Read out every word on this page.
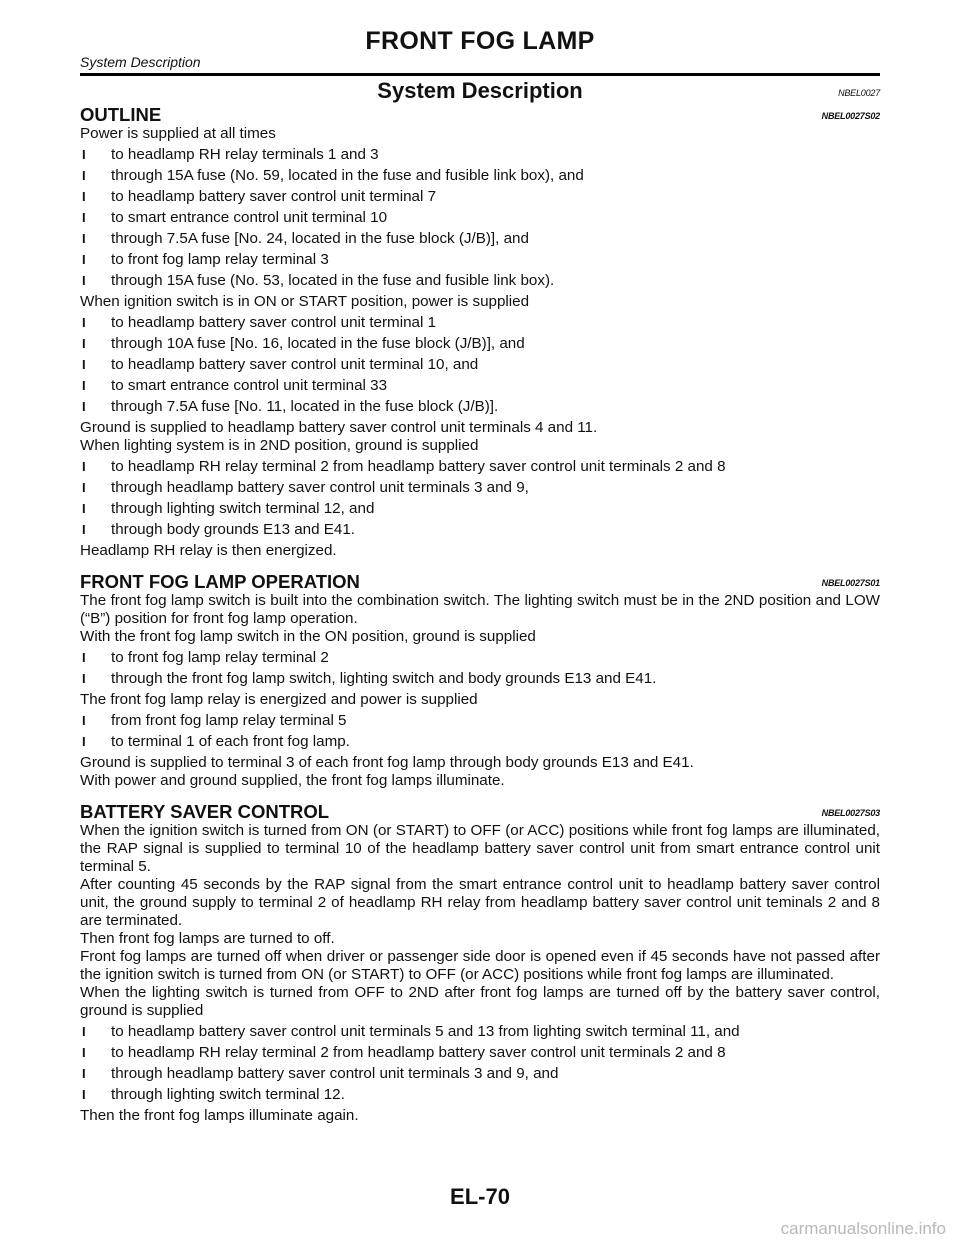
FRONT FOG LAMP
System Description
System Description	NBEL0027
OUTLINE	NBEL0027S02

Power is supplied at all times

I to headlamp RH relay terminals 1 and 3
I through 15A fuse (No. 59, located in the fuse and fusible link box), and
I to headlamp battery saver control unit terminal 7
I to smart entrance control unit terminal 10
I through 7.5A fuse [No. 24, located in the fuse block (J/B)], and
I to front fog lamp relay terminal 3
I through 15A fuse (No. 53, located in the fuse and fusible link box).

When ignition switch is in ON or START position, power is supplied

I to headlamp battery saver control unit terminal 1
I through 10A fuse [No. 16, located in the fuse block (J/B)], and
I to headlamp battery saver control unit terminal 10, and
I to smart entrance control unit terminal 33
I through 7.5A fuse [No. 11, located in the fuse block (J/B)].

Ground is supplied to headlamp battery saver control unit terminals 4 and 11.

When lighting system is in 2ND position, ground is supplied

I to headlamp RH relay terminal 2 from headlamp battery saver control unit terminals 2 and 8
I through headlamp battery saver control unit terminals 3 and 9,
I through lighting switch terminal 12, and
I through body grounds E13 and E41.

Headlamp RH relay is then energized.

FRONT FOG LAMP OPERATION	NBEL0027S01

The front fog lamp switch is built into the combination switch. The lighting switch must be in the 2ND position and LOW (“B”) position for front fog lamp operation.

With the front fog lamp switch in the ON position, ground is supplied

I to front fog lamp relay terminal 2
I through the front fog lamp switch, lighting switch and body grounds E13 and E41.

The front fog lamp relay is energized and power is supplied

I from front fog lamp relay terminal 5
I to terminal 1 of each front fog lamp.

Ground is supplied to terminal 3 of each front fog lamp through body grounds E13 and E41.

With power and ground supplied, the front fog lamps illuminate.

BATTERY SAVER CONTROL	NBEL0027S03

When the ignition switch is turned from ON (or START) to OFF (or ACC) positions while front fog lamps are illuminated, the RAP signal is supplied to terminal 10 of the headlamp battery saver control unit from smart entrance control unit terminal 5.

After counting 45 seconds by the RAP signal from the smart entrance control unit to headlamp battery saver control unit, the ground supply to terminal 2 of headlamp RH relay from headlamp battery saver control unit teminals 2 and 8 are terminated.

Then front fog lamps are turned to off.

Front fog lamps are turned off when driver or passenger side door is opened even if 45 seconds have not passed after the ignition switch is turned from ON (or START) to OFF (or ACC) positions while front fog lamps are illuminated.

When the lighting switch is turned from OFF to 2ND after front fog lamps are turned off by the battery saver control, ground is supplied

I to headlamp battery saver control unit terminals 5 and 13 from lighting switch terminal 11, and
I to headlamp RH relay terminal 2 from headlamp battery saver control unit terminals 2 and 8
I through headlamp battery saver control unit terminals 3 and 9, and
I through lighting switch terminal 12.

Then the front fog lamps illuminate again.

EL-70
carmanualsonline.info
